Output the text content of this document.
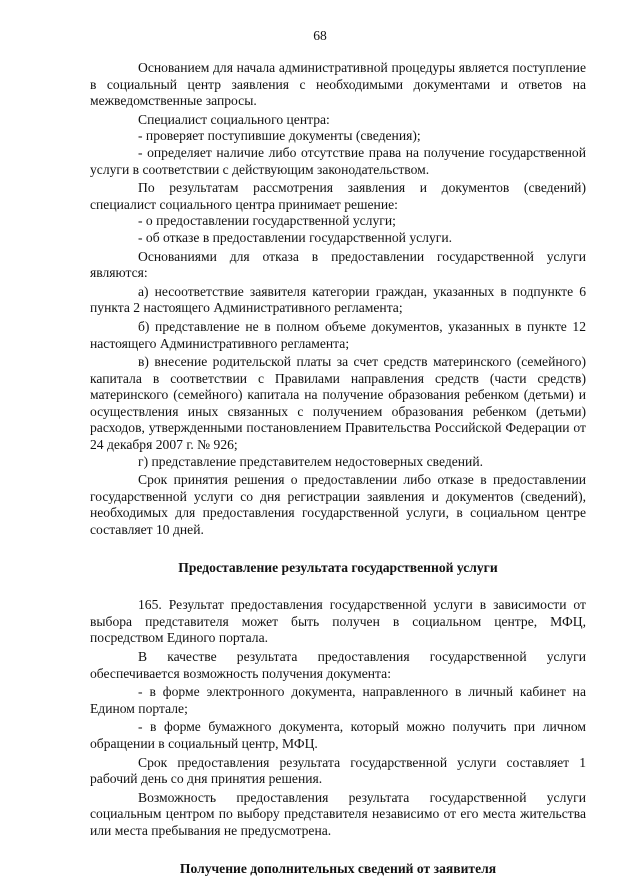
68

Основанием для начала административной процедуры является поступление в социальный центр заявления с необходимыми документами и ответов на межведомственные запросы.

Специалист социального центра:

- проверяет поступившие документы (сведения);

- определяет наличие либо отсутствие права на получение государственной услуги в соответствии с действующим законодательством.

По результатам рассмотрения заявления и документов (сведений) специалист социального центра принимает решение:

- о предоставлении государственной услуги;

- об отказе в предоставлении государственной услуги.

Основаниями для отказа в предоставлении государственной услуги являются:

а) несоответствие заявителя категории граждан, указанных в подпункте 6 пункта 2 настоящего Административного регламента;

б) представление не в полном объеме документов, указанных в пункте 12 настоящего Административного регламента;

в) внесение родительской платы за счет средств материнского (семейного) капитала в соответствии с Правилами направления средств (части средств) материнского (семейного) капитала на получение образования ребенком (детьми) и осуществления иных связанных с получением образования ребенком (детьми) расходов, утвержденными постановлением Правительства Российской Федерации от 24 декабря 2007 г. № 926;

г) представление представителем недостоверных сведений.

Срок принятия решения о предоставлении либо отказе в предоставлении государственной услуги со дня регистрации заявления и документов (сведений), необходимых для предоставления государственной услуги, в социальном центре составляет 10 дней.

Предоставление результата государственной услуги

165. Результат предоставления государственной услуги в зависимости от выбора представителя может быть получен в социальном центре, МФЦ, посредством Единого портала.

В качестве результата предоставления государственной услуги обеспечивается возможность получения документа:

- в форме электронного документа, направленного в личный кабинет на Едином портале;

- в форме бумажного документа, который можно получить при личном обращении в социальный центр, МФЦ.

Срок предоставления результата государственной услуги составляет 1 рабочий день со дня принятия решения.

Возможность предоставления результата государственной услуги социальным центром по выбору представителя независимо от его места жительства или места пребывания не предусмотрена.

Получение дополнительных сведений от заявителя
